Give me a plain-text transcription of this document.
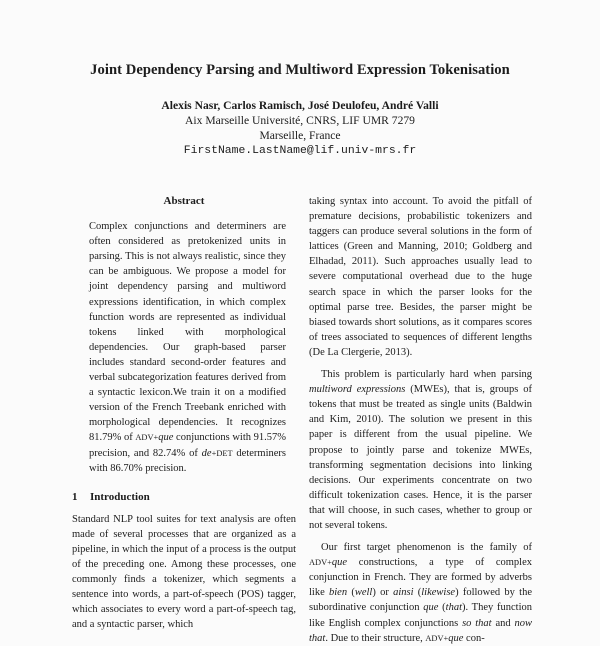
Joint Dependency Parsing and Multiword Expression Tokenisation
Alexis Nasr, Carlos Ramisch, José Deulofeu, André Valli
Aix Marseille Université, CNRS, LIF UMR 7279
Marseille, France
FirstName.LastName@lif.univ-mrs.fr
Abstract

Complex conjunctions and determiners are often considered as pretokenized units in parsing. This is not always realistic, since they can be ambiguous. We propose a model for joint dependency parsing and multiword expressions identification, in which complex function words are represented as individual tokens linked with morphological dependencies. Our graph-based parser includes standard second-order features and verbal subcategorization features derived from a syntactic lexicon.We train it on a modified version of the French Treebank enriched with morphological dependencies. It recognizes 81.79% of ADV+que conjunctions with 91.57% precision, and 82.74% of de+DET determiners with 86.70% precision.

1 Introduction

Standard NLP tool suites for text analysis are often made of several processes that are organized as a pipeline, in which the input of a process is the output of the preceding one. Among these processes, one commonly finds a tokenizer, which segments a sentence into words, a part-of-speech (POS) tagger, which associates to every word a part-of-speech tag, and a syntactic parser, which

taking syntax into account. To avoid the pitfall of premature decisions, probabilistic tokenizers and taggers can produce several solutions in the form of lattices (Green and Manning, 2010; Goldberg and Elhadad, 2011). Such approaches usually lead to severe computational overhead due to the huge search space in which the parser looks for the optimal parse tree. Besides, the parser might be biased towards short solutions, as it compares scores of trees associated to sequences of different lengths (De La Clergerie, 2013).

This problem is particularly hard when parsing multiword expressions (MWEs), that is, groups of tokens that must be treated as single units (Baldwin and Kim, 2010). The solution we present in this paper is different from the usual pipeline. We propose to jointly parse and tokenize MWEs, transforming segmentation decisions into linking decisions. Our experiments concentrate on two difficult tokenization cases. Hence, it is the parser that will choose, in such cases, whether to group or not several tokens.

Our first target phenomenon is the family of ADV+que constructions, a type of complex conjunction in French. They are formed by adverbs like bien (well) or ainsi (likewise) followed by the subordinative conjunction que (that). They function like English complex conjunctions so that and now that. Due to their structure, ADV+que con-
